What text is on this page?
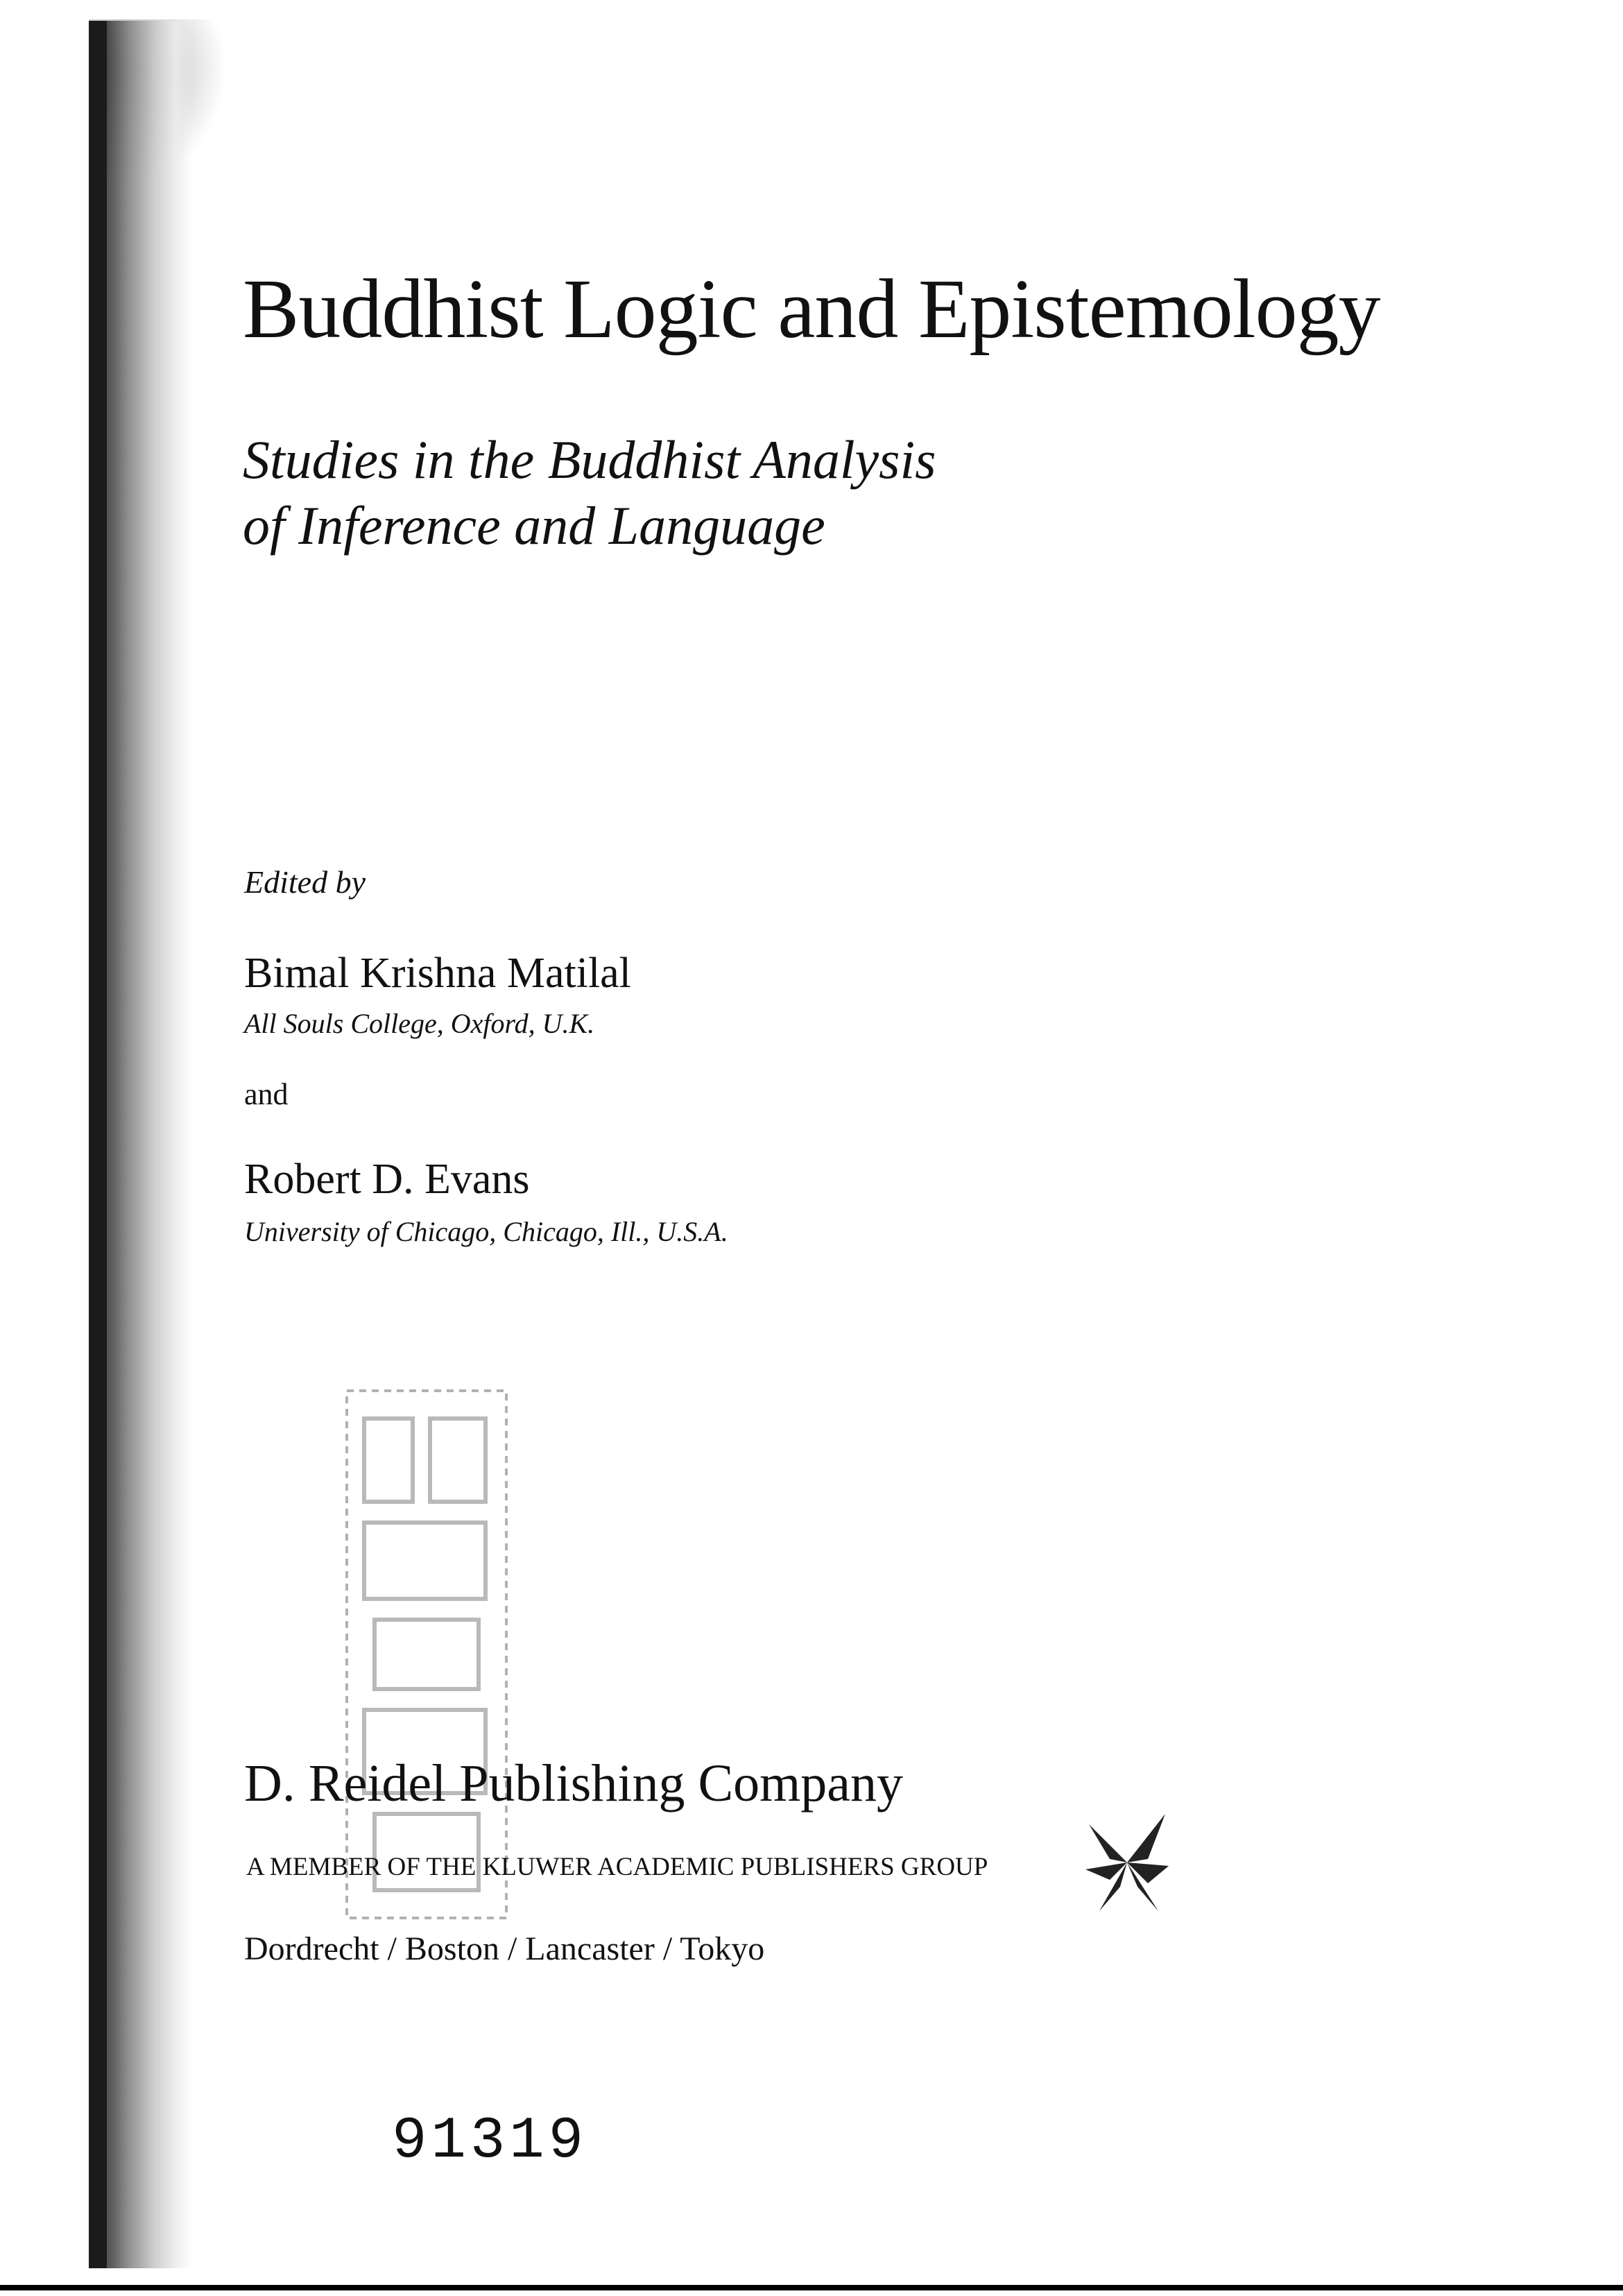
Buddhist Logic and Epistemology
Studies in the Buddhist Analysis
of Inference and Language
Edited by
Bimal Krishna Matilal
All Souls College, Oxford, U.K.
and
Robert D. Evans
University of Chicago, Chicago, Ill., U.S.A.
D. Reidel Publishing Company
A MEMBER OF THE KLUWER ACADEMIC PUBLISHERS GROUP
Dordrecht / Boston / Lancaster / Tokyo
91319
